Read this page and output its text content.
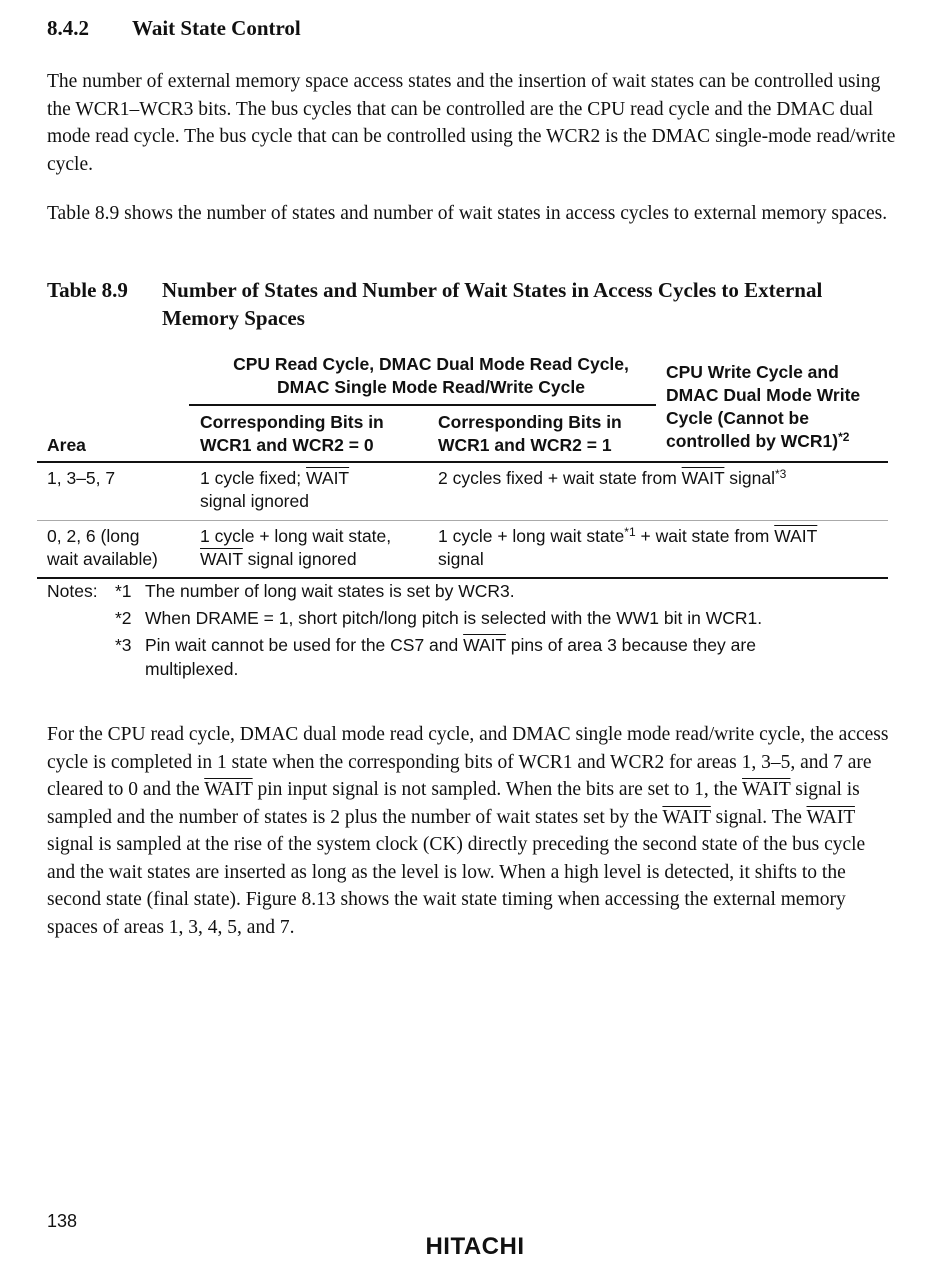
8.4.2 Wait State Control
The number of external memory space access states and the insertion of wait states can be controlled using the WCR1–WCR3 bits. The bus cycles that can be controlled are the CPU read cycle and the DMAC dual mode read cycle. The bus cycle that can be controlled using the WCR2 is the DMAC single-mode read/write cycle.
Table 8.9 shows the number of states and number of wait states in access cycles to external memory spaces.
Table 8.9 Number of States and Number of Wait States in Access Cycles to External Memory Spaces
CPU Read Cycle, DMAC Dual Mode Read Cycle,
DMAC Single Mode Read/Write Cycle
Corresponding Bits in
WCR1 and WCR2 = 0
Corresponding Bits in
WCR1 and WCR2 = 1
CPU Write Cycle and
DMAC Dual Mode Write
Cycle (Cannot be
controlled by WCR1)$^{*2}$
Area
1, 3–5, 7	1 cycle fixed; WAIT
signal ignored
2 cycles fixed + wait state from WAIT signal$^{*3}$
0, 2, 6 (long
wait available)
1 cycle + long wait state,
WAIT signal ignored
1 cycle + long wait state$^{*1}$ + wait state from WAIT
signal
Notes: *1 The number of long wait states is set by WCR3.
*2 When DRAME = 1, short pitch/long pitch is selected with the WW1 bit in WCR1.
*3 Pin wait cannot be used for the CS7 and WAIT pins of area 3 because they are
multiplexed.
For the CPU read cycle, DMAC dual mode read cycle, and DMAC single mode read/write cycle, the access cycle is completed in 1 state when the corresponding bits of WCR1 and WCR2 for areas 1, 3–5, and 7 are cleared to 0 and the WAIT pin input signal is not sampled. When the bits are set to 1, the WAIT signal is sampled and the number of states is 2 plus the number of wait states set by the WAIT signal. The WAIT signal is sampled at the rise of the system clock (CK) directly preceding the second state of the bus cycle and the wait states are inserted as long as the level is low. When a high level is detected, it shifts to the second state (final state). Figure 8.13 shows the wait state timing when accessing the external memory spaces of areas 1, 3, 4, 5, and 7.
138
HITACHI
